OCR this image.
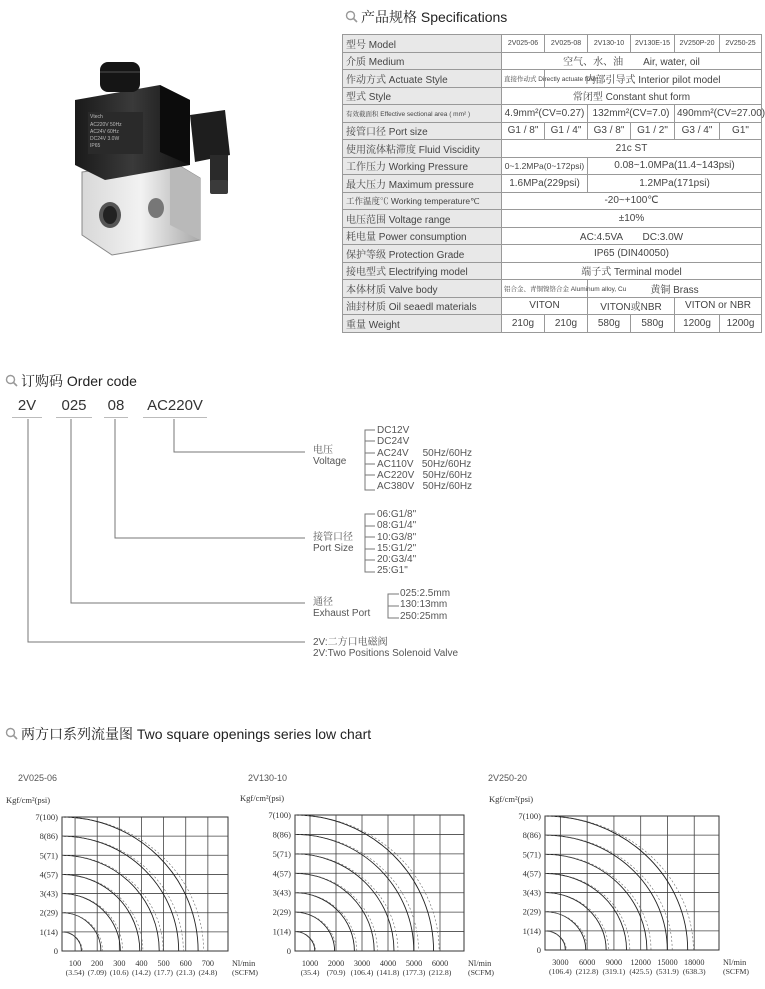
产品规格 Specifications
Vtech
AC220V 50Hz
AC24V 60Hz
DC24V 3.0W
IP65
型号 Model	2V025-06	2V025-08	2V130-10	2V130E-15	2V250P-20	2V250-25
介质 Medium	空气、水、油　　Air, water, oil					
作动方式 Actuate Style	直接作动式 Directly actuate form	内部引导式 Interior pilot model				
型式 Style	常闭型 Constant shut form					
有效截面积 Effective sectional area ( mm² )	4.9mm²(CV=0.27)		132mm²(CV=7.0)		490mm²(CV=27.00)	
接管口径 Port size	G1 / 8"	G1 / 4"	G3 / 8"	G1 / 2"	G3 / 4"	G1"
使用流体粘滞度 Fluid Viscidity	21c ST					
工作压力 Working Pressure	0~1.2MPa(0~172psi)		0.08~1.0MPa(11.4~143psi)			
最大压力 Maximum pressure	1.6MPa(229psi)		1.2MPa(171psi)			
工作温度℃ Working temperature℃	-20~+100℃					
电压范围 Voltage range	±10%					
耗电量 Power consumption	AC:4.5VA　　DC:3.0W					
保护等级 Protection Grade	IP65 (DIN40050)					
接电型式 Electrifying model	端子式 Terminal model					
本体材质 Valve body	铝合金、青铜镍铬合金 Aluminum alloy, Cu		黄铜 Brass			
油封材质 Oil seaedl materials	VITON		VITON或NBR		VITON or NBR	
重量 Weight	210g	210g	580g	580g	1200g	1200g
订购码 Order code
2V	025	08 AC220V
电压
Voltage
DC12V
DC24V
AC24V     50Hz/60Hz
AC110V   50Hz/60Hz
AC220V   50Hz/60Hz
AC380V   50Hz/60Hz
接管口径
Port Size
06:G1/8"
08:G1/4"
10:G3/8"
15:G1/2"
20:G3/4"
25:G1"
通径
Exhaust Port
025:2.5mm
130:13mm
250:25mm
2V:二方口电磁阀
2V:Two Positions Solenoid Valve
两方口系列流量图 Two square openings series low chart
2V025-06	2V130-10	2V250-20
Kgf/cm²(psi)
0
1(14)
2(29)
3(43)
4(57)
5(71)
8(86)
7(100)
100
(3.54)
200
(7.09)
300
(10.6)
400
(14.2)
500
(17.7)
600
(21.3)
700
(24.8)
Nl/min
(SCFM)
Kgf/cm²(psi)
0
1(14)
2(29)
3(43)
4(57)
5(71)
8(86)
7(100)
1000
(35.4)
2000
(70.9)
3000
(106.4)
4000
(141.8)
5000
(177.3)
6000
(212.8)
Nl/min
(SCFM)
Kgf/cm²(psi)
0
1(14)
2(29)
3(43)
4(57)
5(71)
8(86)
7(100)
3000
(106.4)
6000
(212.8)
9000
(319.1)
12000
(425.5)
15000
(531.9)
18000
(638.3)
Nl/min
(SCFM)
